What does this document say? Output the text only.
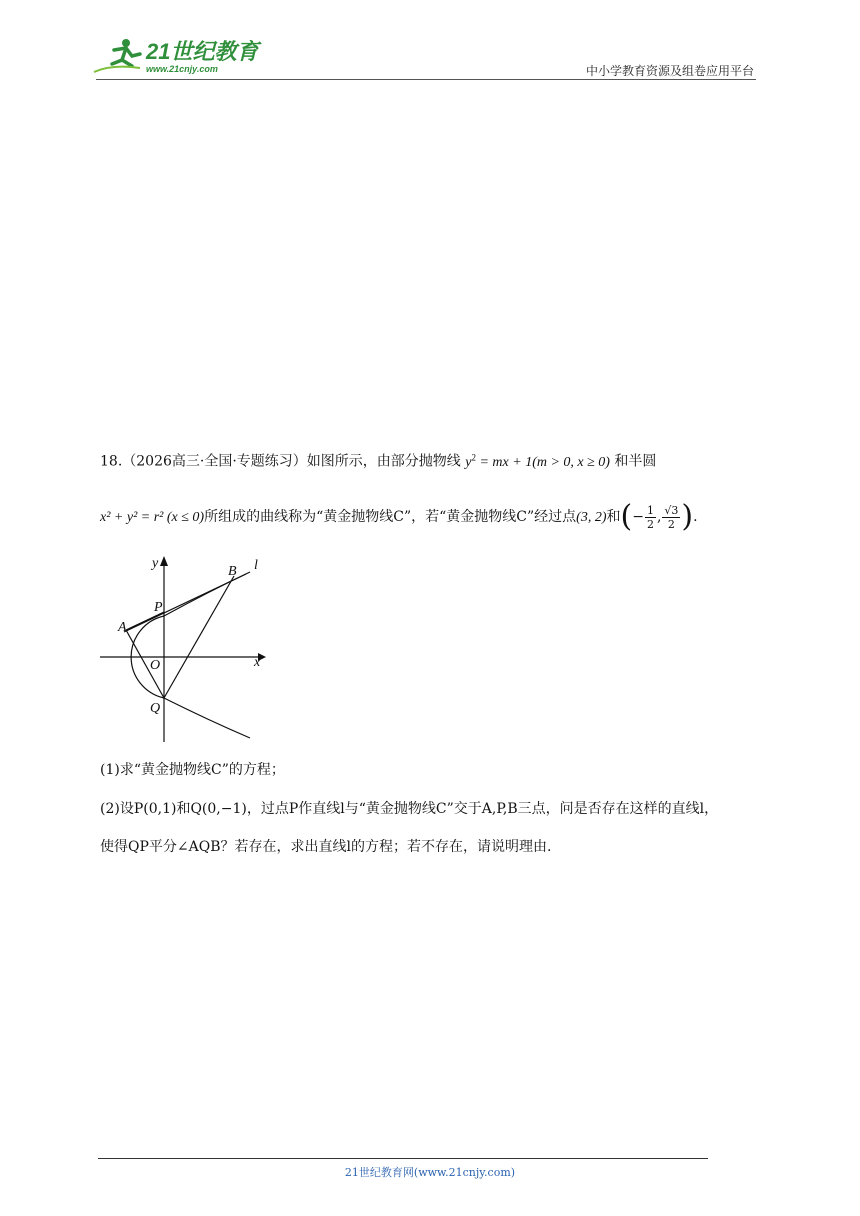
21世纪教育
www.21cnjy.com	中小学教育资源及组卷应用平台
18.（2026高三·全国·专题练习）如图所示，由部分抛物线 $y^2$ = mx + 1(m > 0, x ≥ 0) 和半圆
x² + y² = r² (x ≤ 0)所组成的曲线称为“黄金抛物线C”，若“黄金抛物线C”经过点(3, 2)和(− $\frac{1}{2}$ , $\frac{√3}{2}$ ).
y
x
B l
P
A
O
Q
(1)求“黄金抛物线C”的方程；
(2)设P(0,1)和Q(0,−1)，过点P作直线l与“黄金抛物线C”交于A,P,B三点，问是否存在这样的直线l，
使得QP平分∠AQB？若存在，求出直线l的方程；若不存在，请说明理由.
21世纪教育网(www.21cnjy.com)
